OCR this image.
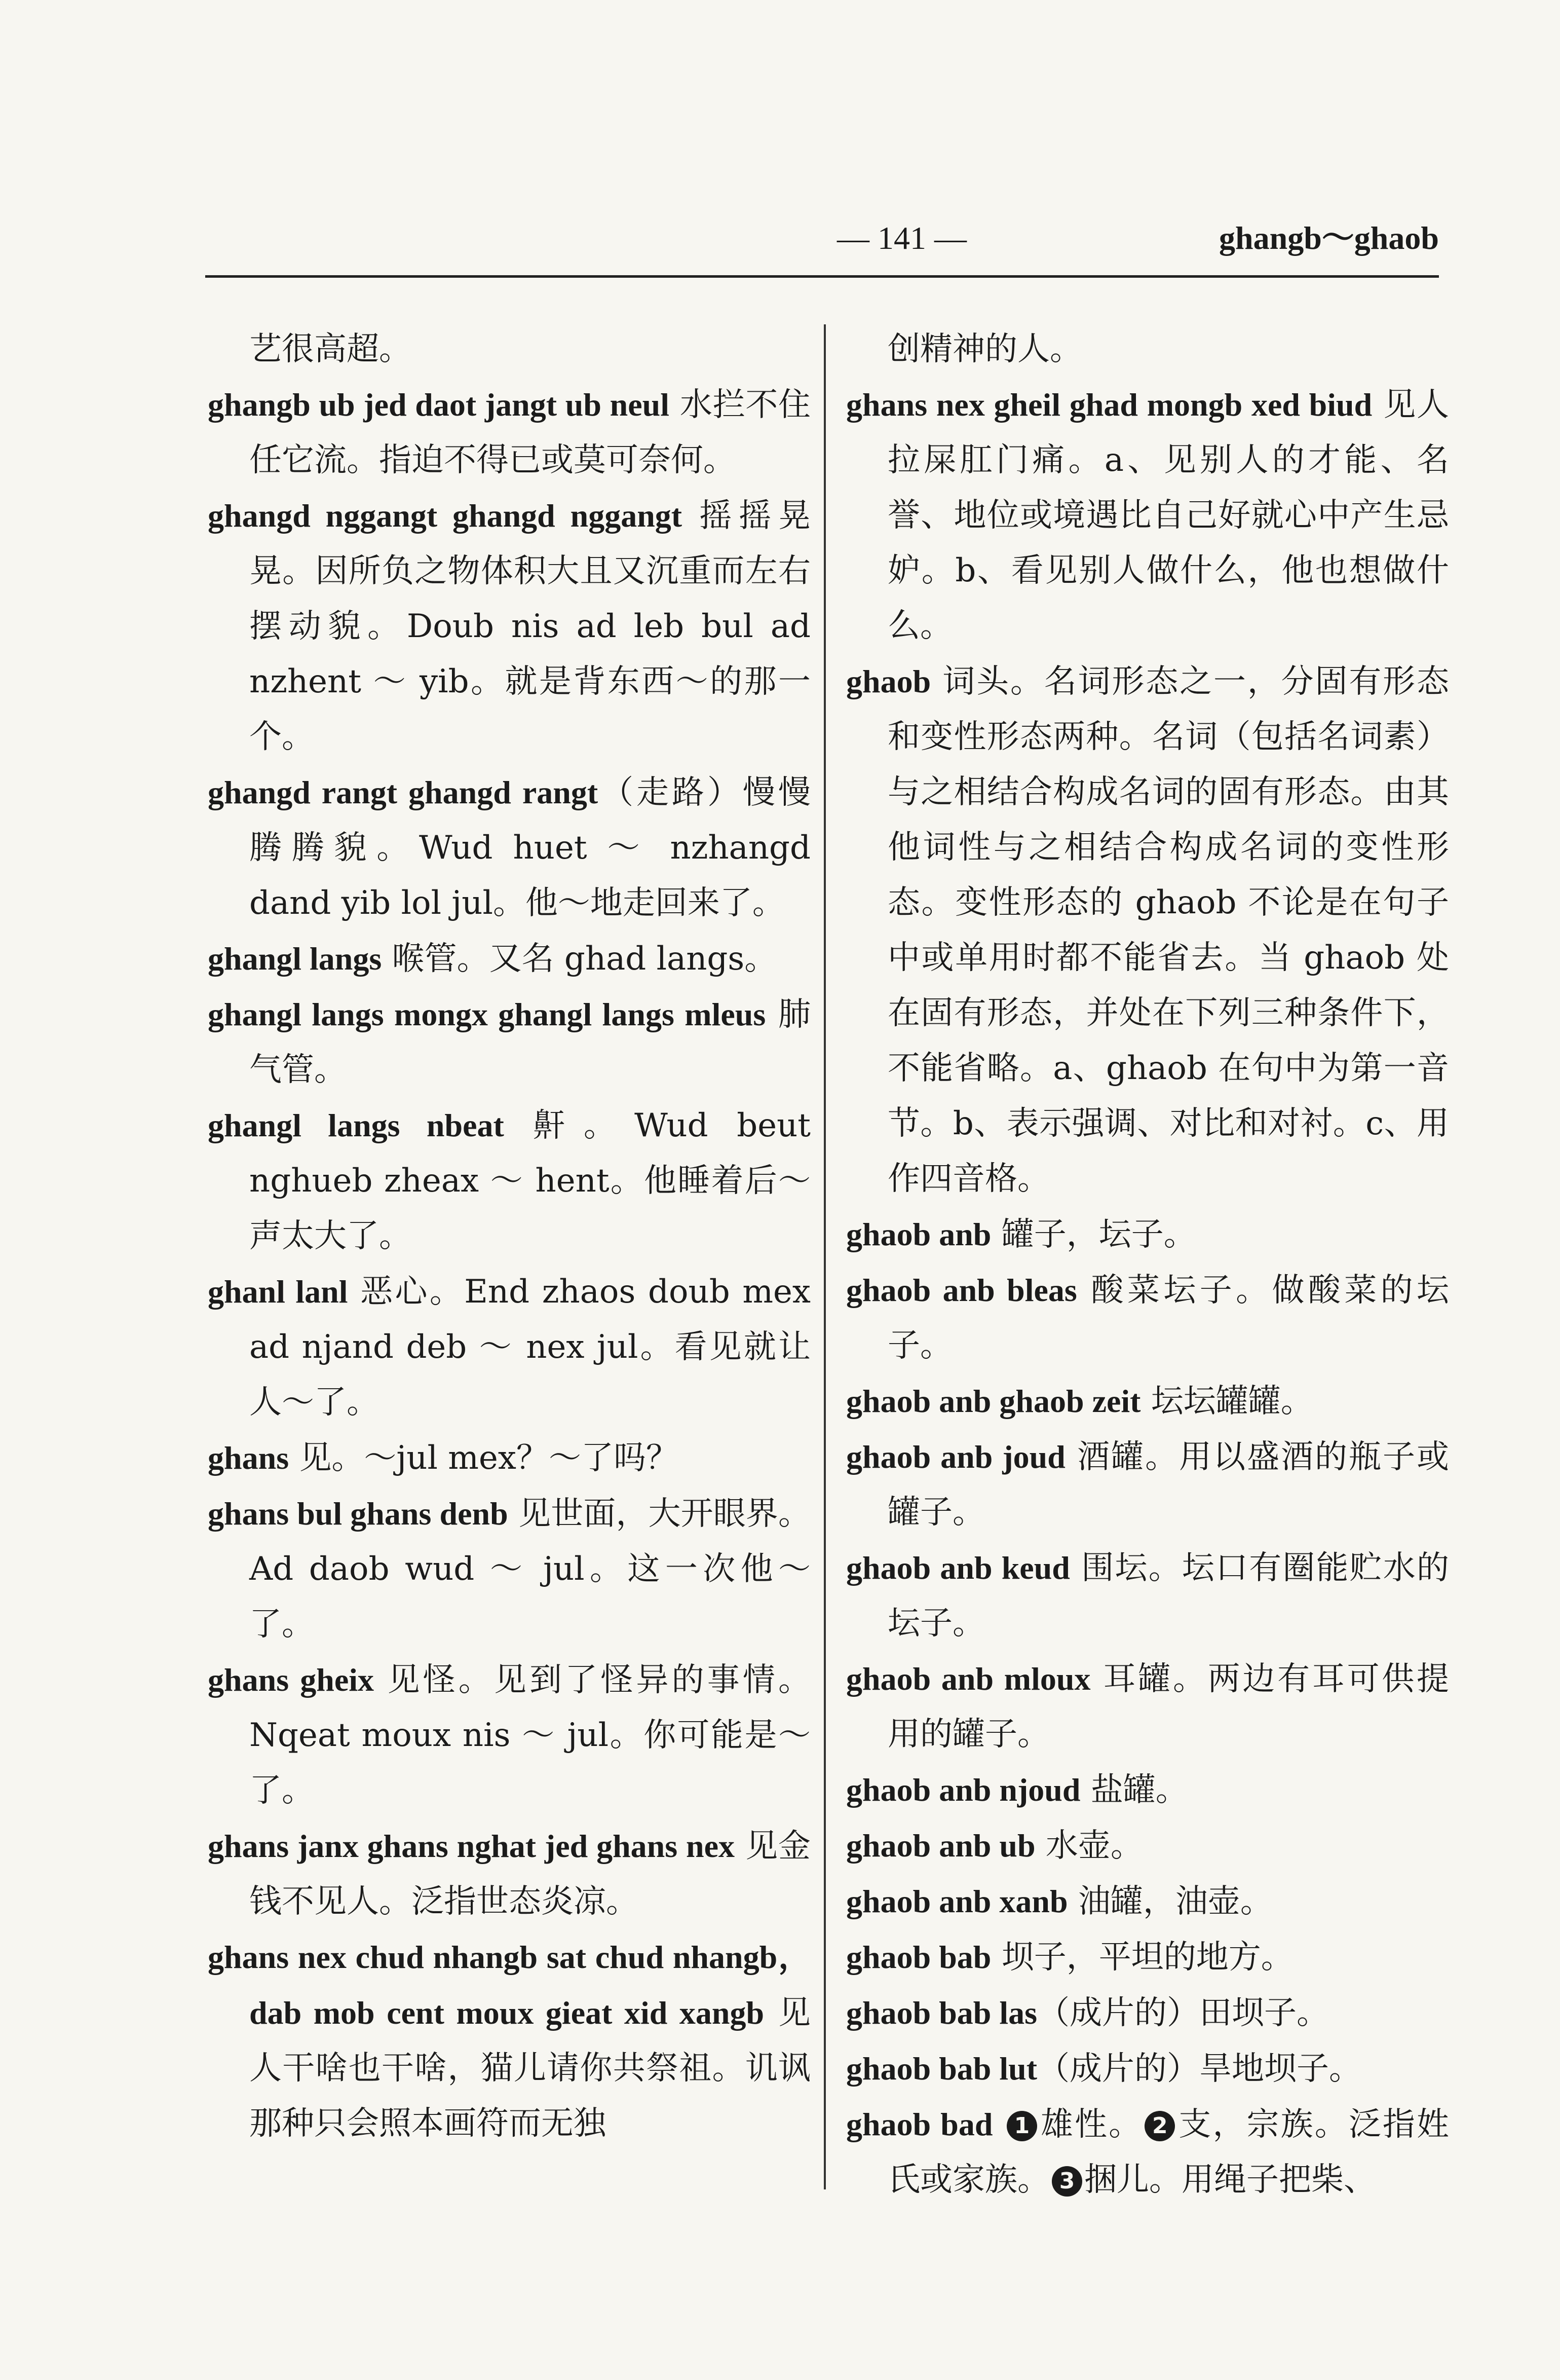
— 141 —	ghangb～ghaob

艺很高超。

ghangb ub jed daot jangt ub neul 水拦不住任它流。指迫不得已或莫可奈何。

ghangd nggangt ghangd nggangt 摇摇晃晃。因所负之物体积大且又沉重而左右摆动貌。Doub nis ad leb bul ad nzhent ～ yib。就是背东西～的那一个。

ghangd rangt ghangd rangt（走路）慢慢腾腾貌。Wud huet ～ nzhangd dand yib lol jul。他～地走回来了。

ghangl langs 喉管。又名 ghad langs。

ghangl langs mongx ghangl langs mleus 肺气管。

ghangl langs nbeat 鼾。Wud beut nghueb zheax ～ hent。他睡着后～声太大了。

ghanl lanl 恶心。End zhaos doub mex ad njand deb ～ nex jul。看见就让人～了。

ghans 见。～jul mex？～了吗？

ghans bul ghans denb 见世面，大开眼界。Ad daob wud ～ jul。这一次他～了。

ghans gheix 见怪。见到了怪异的事情。Nqeat moux nis ～ jul。你可能是～了。

ghans janx ghans nghat jed ghans nex 见金钱不见人。泛指世态炎凉。

ghans nex chud nhangb sat chud nhangb，dab mob cent moux gieat xid xangb 见人干啥也干啥，猫儿请你共祭祖。讥讽那种只会照本画符而无独

创精神的人。

ghans nex gheil ghad mongb xed biud 见人拉屎肛门痛。a、见别人的才能、名誉、地位或境遇比自己好就心中产生忌妒。b、看见别人做什么，他也想做什么。

ghaob 词头。名词形态之一，分固有形态和变性形态两种。名词（包括名词素）与之相结合构成名词的固有形态。由其他词性与之相结合构成名词的变性形态。变性形态的 ghaob 不论是在句子中或单用时都不能省去。当 ghaob 处在固有形态，并处在下列三种条件下，不能省略。a、ghaob 在句中为第一音节。b、表示强调、对比和对衬。c、用作四音格。

ghaob anb 罐子，坛子。

ghaob anb bleas 酸菜坛子。做酸菜的坛子。

ghaob anb ghaob zeit 坛坛罐罐。

ghaob anb joud 酒罐。用以盛酒的瓶子或罐子。

ghaob anb keud 围坛。坛口有圈能贮水的坛子。

ghaob anb mloux 耳罐。两边有耳可供提用的罐子。

ghaob anb njoud 盐罐。

ghaob anb ub 水壶。

ghaob anb xanb 油罐，油壶。

ghaob bab 坝子，平坦的地方。

ghaob bab las（成片的）田坝子。

ghaob bab lut（成片的）旱地坝子。

ghaob bad 1 雄性。 2 支，宗族。泛指姓氏或家族。 3 捆儿。用绳子把柴、
